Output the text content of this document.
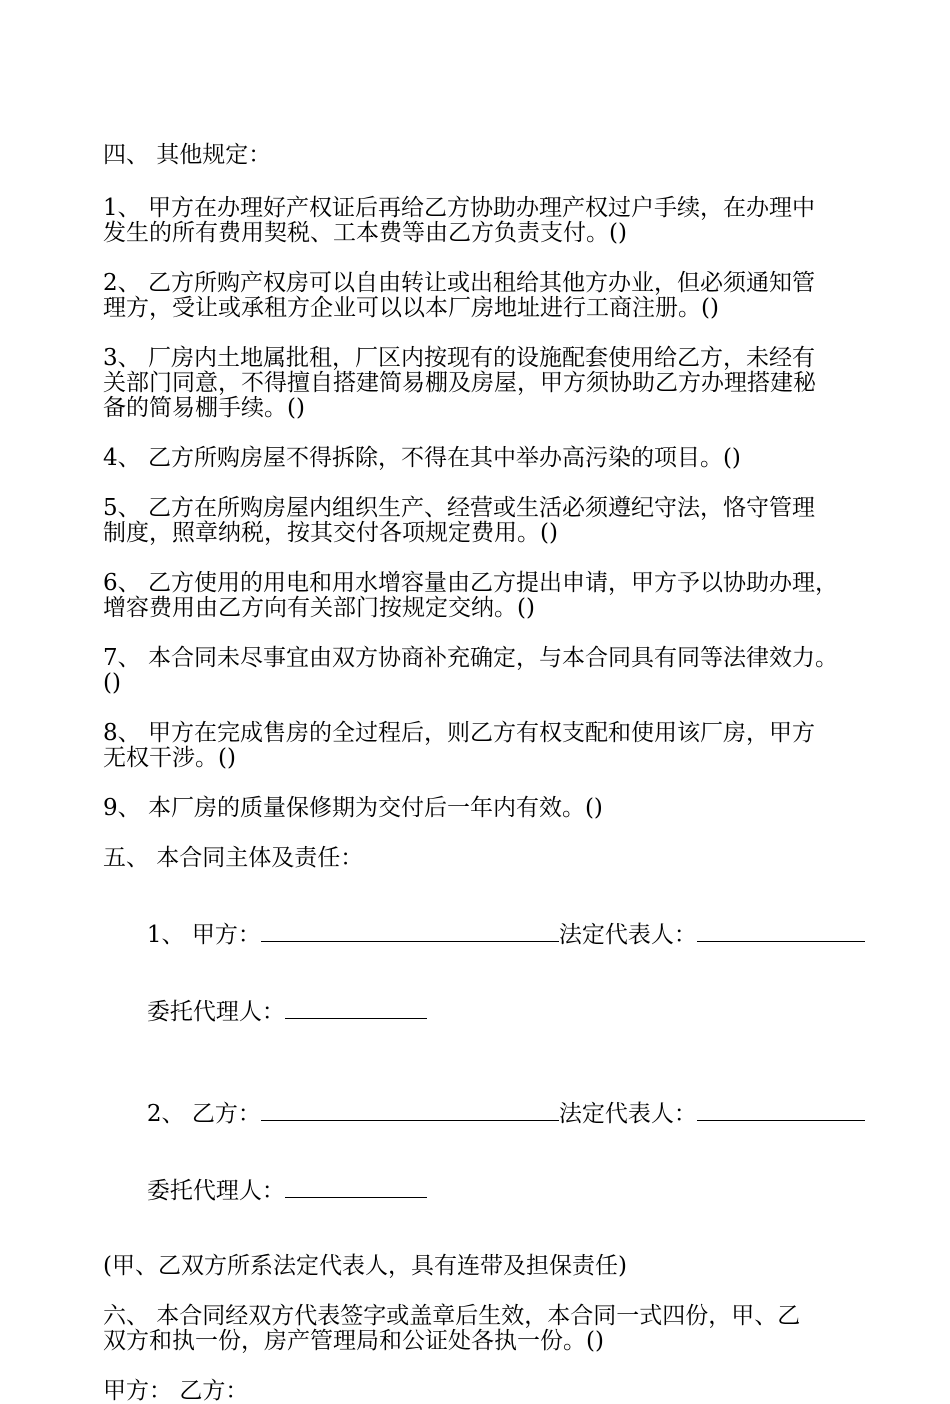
四、 其他规定：

1、 甲方在办理好产权证后再给乙方协助办理产权过户手续，在办理中
发生的所有费用契税、工本费等由乙方负责支付。()
2、 乙方所购产权房可以自由转让或出租给其他方办业，但必须通知管
理方，受让或承租方企业可以以本厂房地址进行工商注册。()
3、 厂房内土地属批租，厂区内按现有的设施配套使用给乙方，未经有
关部门同意，不得擅自搭建简易棚及房屋，甲方须协助乙方办理搭建秘
备的简易棚手续。()
4、 乙方所购房屋不得拆除，不得在其中举办高污染的项目。()
5、 乙方在所购房屋内组织生产、经营或生活必须遵纪守法，恪守管理
制度，照章纳税，按其交付各项规定费用。()
6、 乙方使用的用电和用水增容量由乙方提出申请，甲方予以协助办理，
增容费用由乙方向有关部门按规定交纳。()
7、 本合同未尽事宜由双方协商补充确定，与本合同具有同等法律效力。
()
8、 甲方在完成售房的全过程后，则乙方有权支配和使用该厂房，甲方
无权干涉。()
9、 本厂房的质量保修期为交付后一年内有效。()

五、 本合同主体及责任：

1、 甲方：	法定代表人：

委托代理人：

2、 乙方：	法定代表人：

委托代理人：

(甲、乙双方所系法定代表人，具有连带及担保责任)

六、 本合同经双方代表签字或盖章后生效，本合同一式四份，甲、乙
双方和执一份，房产管理局和公证处各执一份。()
甲方： 乙方：
